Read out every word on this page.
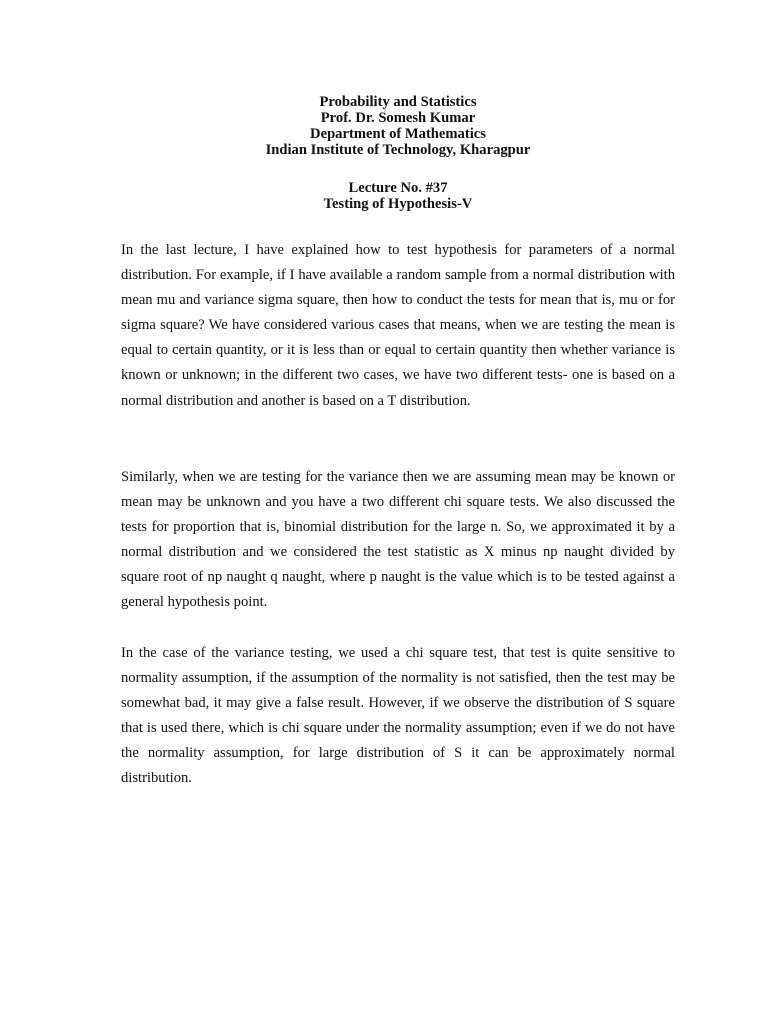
Probability and Statistics
Prof. Dr. Somesh Kumar
Department of Mathematics
Indian Institute of Technology, Kharagpur
Lecture No. #37
Testing of Hypothesis-V

In the last lecture, I have explained how to test hypothesis for parameters of a normal distribution. For example, if I have available a random sample from a normal distribution with mean mu and variance sigma square, then how to conduct the tests for mean that is, mu or for sigma square? We have considered various cases that means, when we are testing the mean is equal to certain quantity, or it is less than or equal to certain quantity then whether variance is known or unknown; in the different two cases, we have two different tests- one is based on a normal distribution and another is based on a T distribution.

Similarly, when we are testing for the variance then we are assuming mean may be known or mean may be unknown and you have a two different chi square tests. We also discussed the tests for proportion that is, binomial distribution for the large n. So, we approximated it by a normal distribution and we considered the test statistic as X minus np naught divided by square root of np naught q naught, where p naught is the value which is to be tested against a general hypothesis point.

In the case of the variance testing, we used a chi square test, that test is quite sensitive to normality assumption, if the assumption of the normality is not satisfied, then the test may be somewhat bad, it may give a false result. However, if we observe the distribution of S square that is used there, which is chi square under the normality assumption; even if we do not have the normality assumption, for large distribution of S it can be approximately normal distribution.
